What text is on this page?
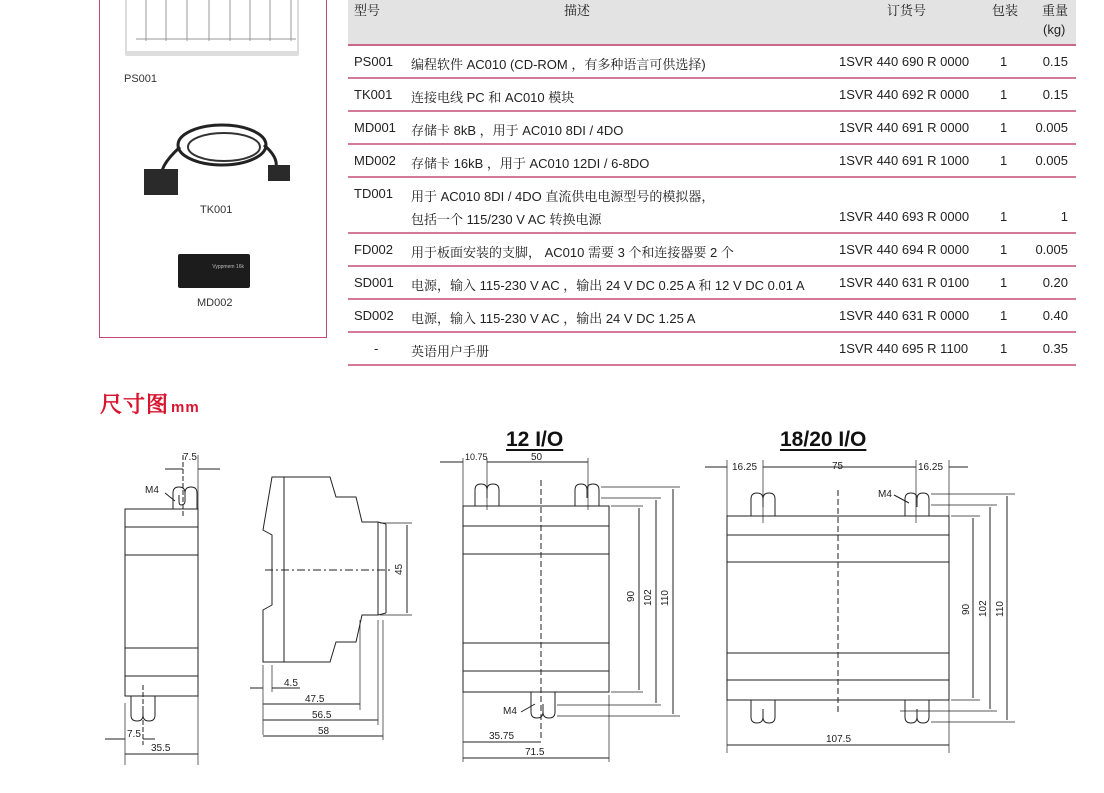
PS001
TK001
Vyppmem 16k
MD002
型号	描述	订货号	包装 重量
(kg)
PS001 编程软件 AC010 (CD-ROM ，有多种语言可供选择)	1SVR 440 690 R 0000 1	0.15
TK001 连接电线 PC 和 AC010 模块	1SVR 440 692 R 0000 1	0.15
MD001 存储卡 8kB ，用于 AC010 8DI / 4DO	1SVR 440 691 R 0000 1 0.005
MD002 存储卡 16kB ，用于 AC010 12DI / 6-8DO	1SVR 440 691 R 1000 1 0.005
TD001 用于 AC010 8DI / 4DO 直流供电电源型号的模拟器，
包括一个 115/230 V AC 转换电源	1SVR 440 693 R 0000 1	1
FD002 用于板面安装的支脚， AC010 需要 3 个和连接器要 2 个	1SVR 440 694 R 0000 1 0.005
SD001 电源，输入 115-230 V AC ，输出 24 V DC 0.25 A 和 12 V DC 0.01 A	1SVR 440 631 R 0100 1	0.20
SD002 电源，输入 115-230 V AC ，输出 24 V DC 1.25 A	1SVR 440 631 R 0000 1	0.40
-	英语用户手册	1SVR 440 695 R 1100 1	0.35
尺寸图 mm
7.5
M4
7.5
35.5
45
4.5
47.5
56.5
58
12 I/O
10.75	50
90 102 110
M4
35.75
71.5
18/20 I/O
16.25	75	16.25
M4
90 102 110
107.5
